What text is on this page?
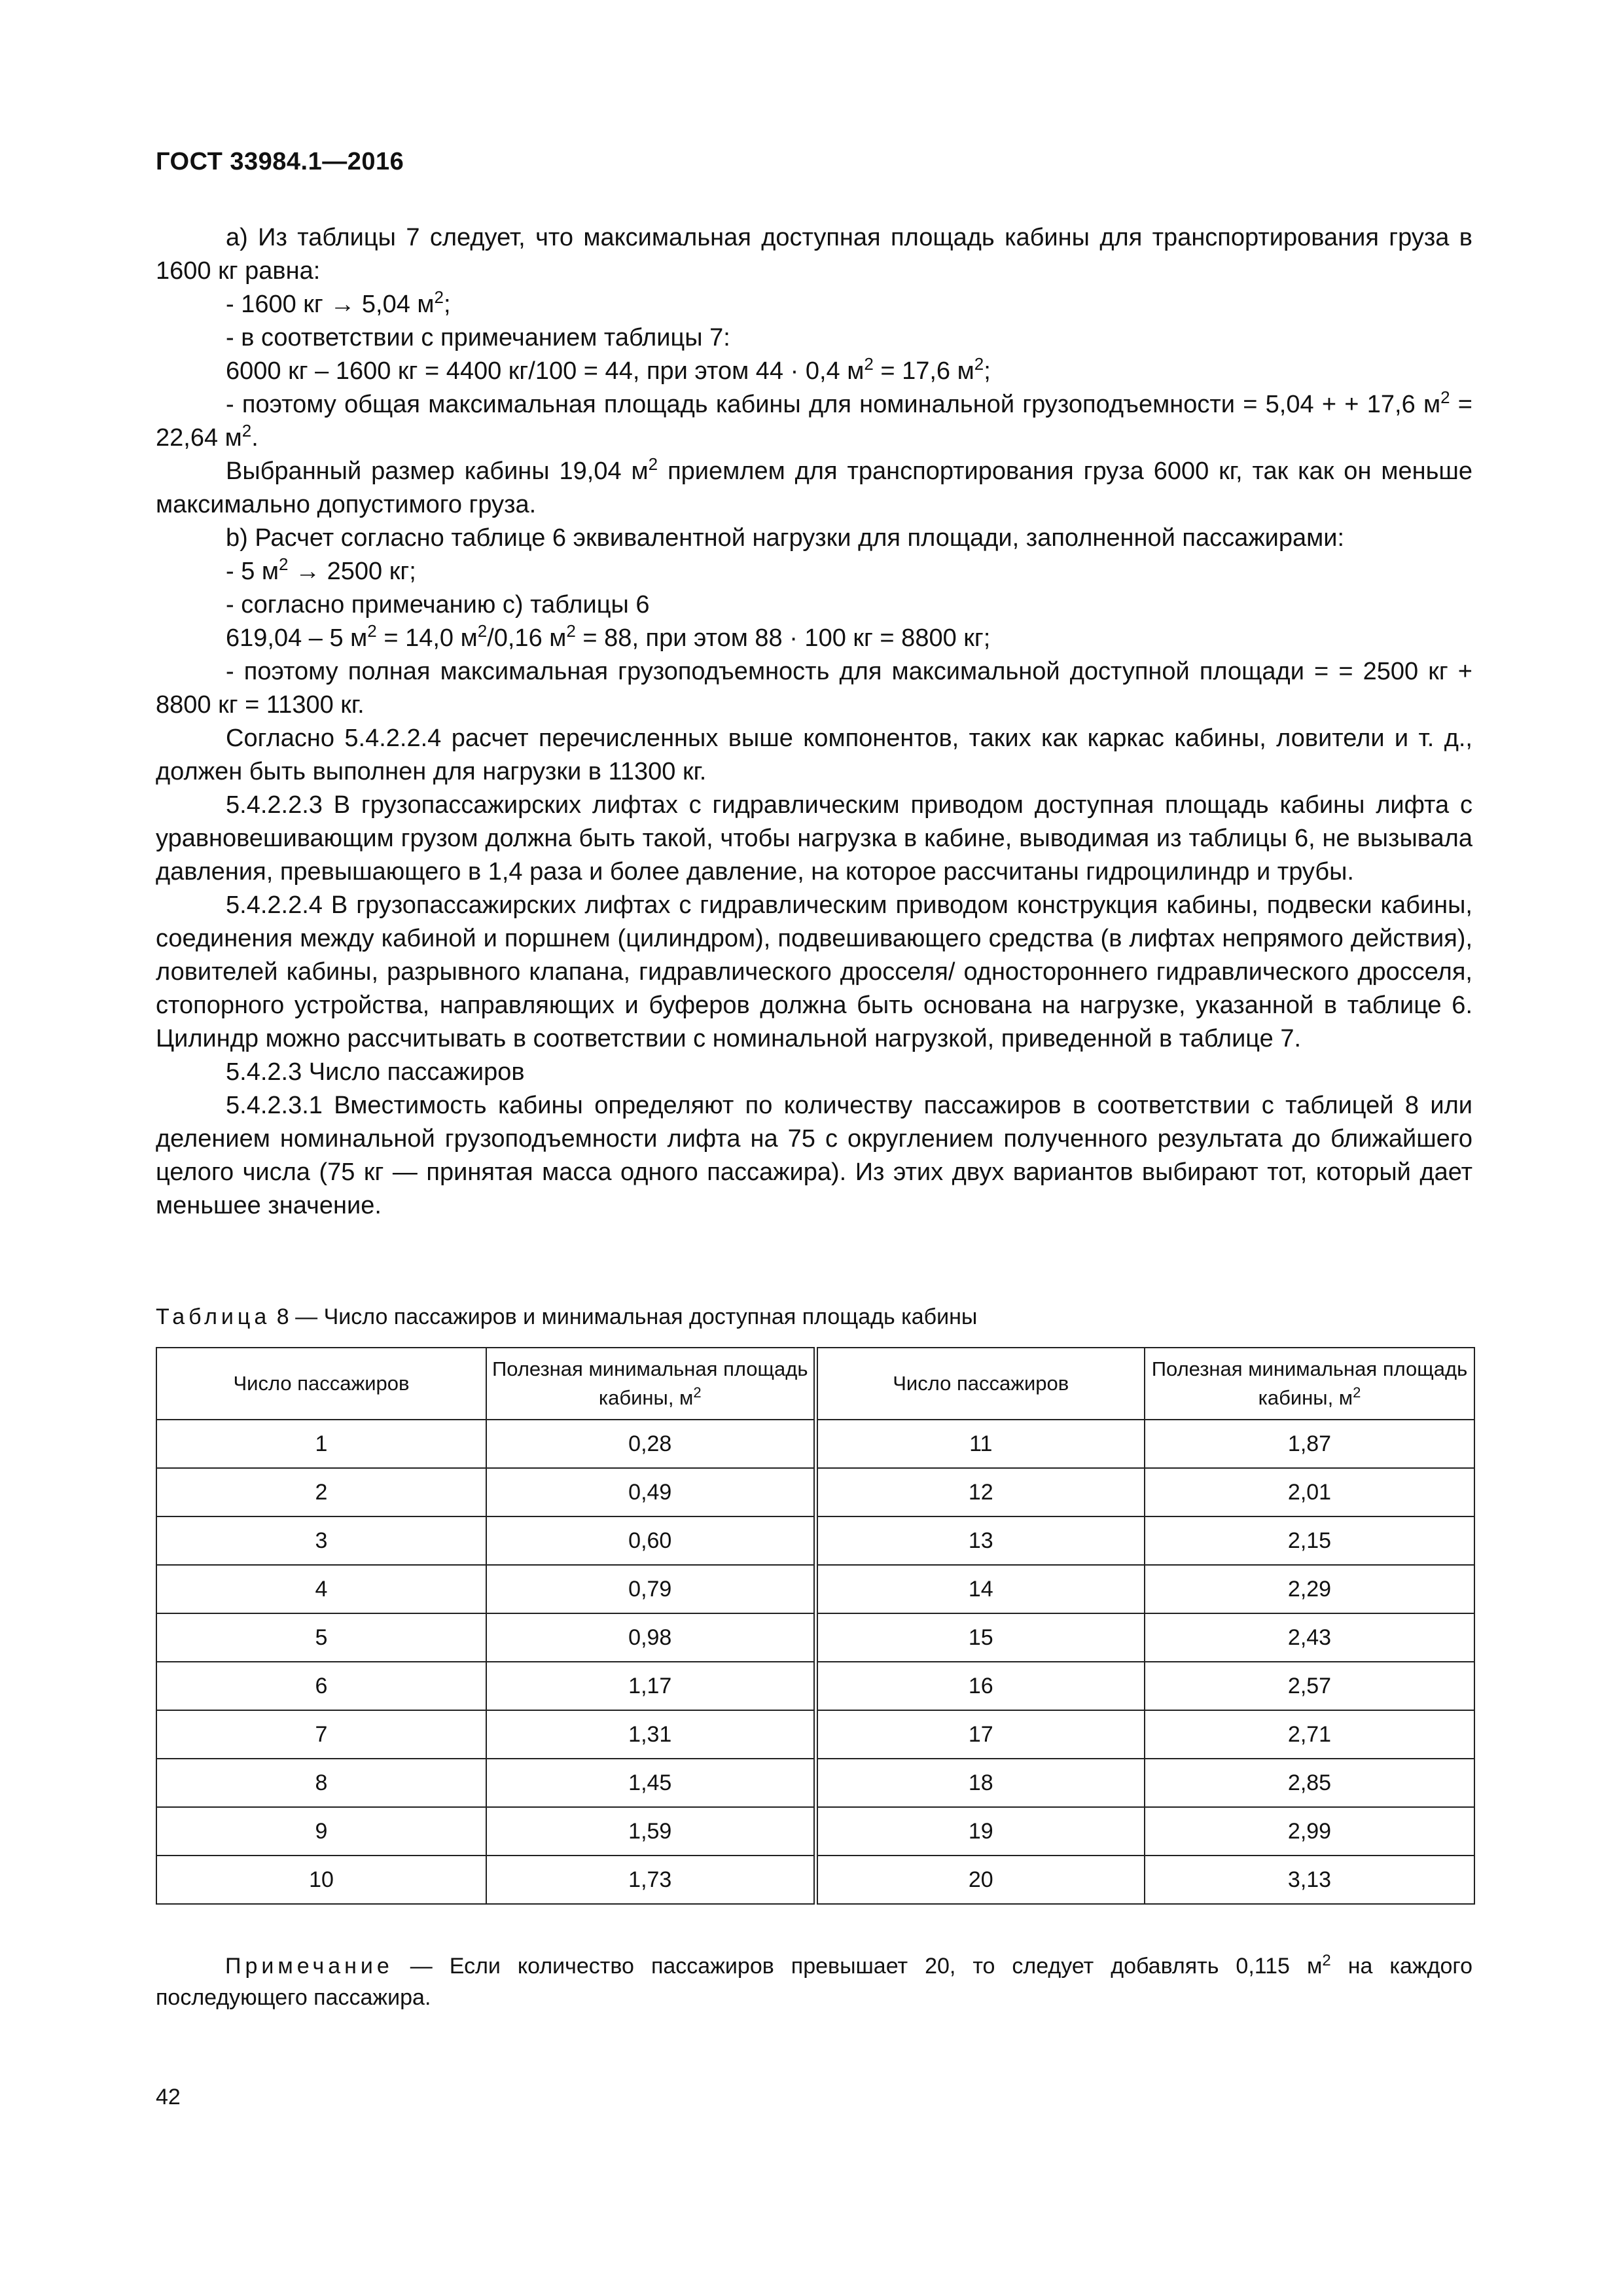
ГОСТ 33984.1—2016

a) Из таблицы 7 следует, что максимальная доступная площадь кабины для транспортирования груза в 1600 кг равна:

- 1600 кг → 5,04 $м^2$;

- в соответствии с примечанием таблицы 7:

6000 кг – 1600 кг = 4400 кг/100 = 44, при этом 44 · 0,4 $м^2 = 17,6$ $м^2$;

- поэтому общая максимальная площадь кабины для номинальной грузоподъемности = 5,04 + + 17,6 $м^2 = 22,64$ $м^2$.

Выбранный размер кабины 19,04 $м^2$ приемлем для транспортирования груза 6000 кг, так как он меньше максимально допустимого груза.

b) Расчет согласно таблице 6 эквивалентной нагрузки для площади, заполненной пассажирами:

- 5 $м^2 \to 2500$ кг;

- согласно примечанию с) таблицы 6

619,04 – 5 $м^2 = 14,0$ $м^2/0,16$ $м^2 = 88$, при этом 88 · 100 кг = 8800 кг;

- поэтому полная максимальная грузоподъемность для максимальной доступной площади = = 2500 кг + 8800 кг = 11300 кг.

Согласно 5.4.2.2.4 расчет перечисленных выше компонентов, таких как каркас кабины, ловители и т. д., должен быть выполнен для нагрузки в 11300 кг.

5.4.2.2.3 В грузопассажирских лифтах с гидравлическим приводом доступная площадь кабины лифта с уравновешивающим грузом должна быть такой, чтобы нагрузка в кабине, выводимая из таблицы 6, не вызывала давления, превышающего в 1,4 раза и более давление, на которое рассчитаны гидроцилиндр и трубы.

5.4.2.2.4 В грузопассажирских лифтах с гидравлическим приводом конструкция кабины, подвески кабины, соединения между кабиной и поршнем (цилиндром), подвешивающего средства (в лифтах непрямого действия), ловителей кабины, разрывного клапана, гидравлического дросселя/ одностороннего гидравлического дросселя, стопорного устройства, направляющих и буферов должна быть основана на нагрузке, указанной в таблице 6. Цилиндр можно рассчитывать в соответствии с номинальной нагрузкой, приведенной в таблице 7.

5.4.2.3 Число пассажиров

5.4.2.3.1 Вместимость кабины определяют по количеству пассажиров в соответствии с таблицей 8 или делением номинальной грузоподъемности лифта на 75 с округлением полученного результата до ближайшего целого числа (75 кг — принятая масса одного пассажира). Из этих двух вариантов выбирают тот, который дает меньшее значение.

Таблица 8 — Число пассажиров и минимальная доступная площадь кабины
Число пассажиров	Полезная минимальная площадь кабины, $м^2$	Число пассажиров	Полезная минимальная площадь кабины, $м^2$
1	0,28	11	1,87
2	0,49	12	2,01
3	0,60	13	2,15
4	0,79	14	2,29
5	0,98	15	2,43
6	1,17	16	2,57
7	1,31	17	2,71
8	1,45	18	2,85
9	1,59	19	2,99
10	1,73	20	3,13
Примечание — Если количество пассажиров превышает 20, то следует добавлять 0,115 $м^2$ на каждого последующего пассажира.
42
